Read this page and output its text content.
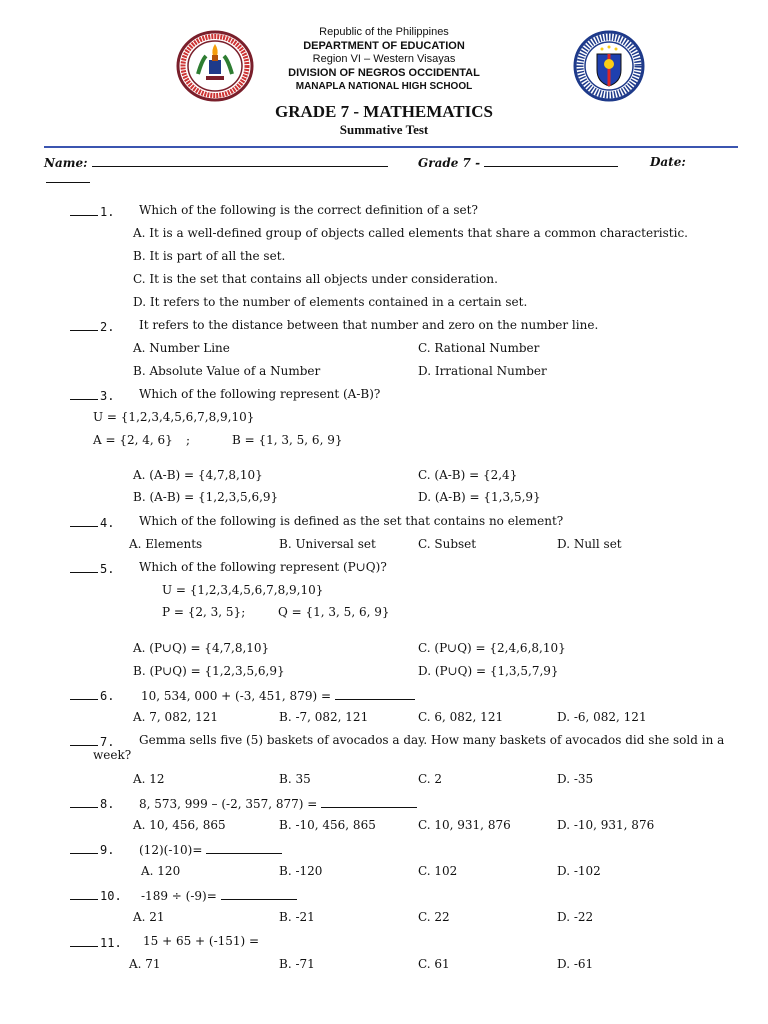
Republic of the Philippines
DEPARTMENT OF EDUCATION
Region VI – Western Visayas
DIVISION OF NEGROS OCCIDENTAL
MANAPLA NATIONAL HIGH SCHOOL
GRADE 7 - MATHEMATICS
Summative Test
Name:	Grade 7 -	Date:
1. Which of the following is the correct definition of a set?
A. It is a well-defined group of objects called elements that share a common characteristic.
B. It is part of all the set.
C. It is the set that contains all objects under consideration.
D. It refers to the number of elements contained in a certain set.
2. It refers to the distance between that number and zero on the number line.
A. Number Line	C. Rational Number
B. Absolute Value of a Number	D. Irrational Number
3. Which of the following represent (A-B)?
U = {1,2,3,4,5,6,7,8,9,10}
A = {2, 4, 6} ;	B = {1, 3, 5, 6, 9}
A. (A-B) = {4,7,8,10}	C. (A-B) = {2,4}
B. (A-B) = {1,2,3,5,6,9}	D. (A-B) = {1,3,5,9}
4. Which of the following is defined as the set that contains no element?
A. Elements	B. Universal set	C. Subset	D. Null set
5. Which of the following represent (P∪Q)?
U = {1,2,3,4,5,6,7,8,9,10}
P = {2, 3, 5};	Q = {1, 3, 5, 6, 9}
A. (P∪Q) = {4,7,8,10}	C. (P∪Q) = {2,4,6,8,10}
B. (P∪Q) = {1,2,3,5,6,9}	D. (P∪Q) = {1,3,5,7,9}
6. 10, 534, 000 + (-3, 451, 879) =
A. 7, 082, 121	B. -7, 082, 121	C. 6, 082, 121	D. -6, 082, 121
7. Gemma sells five (5) baskets of avocados a day. How many baskets of avocados did she sold in a
week?
A. 12	B. 35	C. 2	D. -35
8. 8, 573, 999 – (-2, 357, 877) =
A. 10, 456, 865	B. -10, 456, 865	C. 10, 931, 876	D. -10, 931, 876
9. (12)(-10)=
A. 120	B. -120	C. 102	D. -102
10. -189 ÷ (-9)=
A. 21	B. -21	C. 22	D. -22
11. 15 + 65 + (-151) =
A. 71	B. -71	C. 61	D. -61
